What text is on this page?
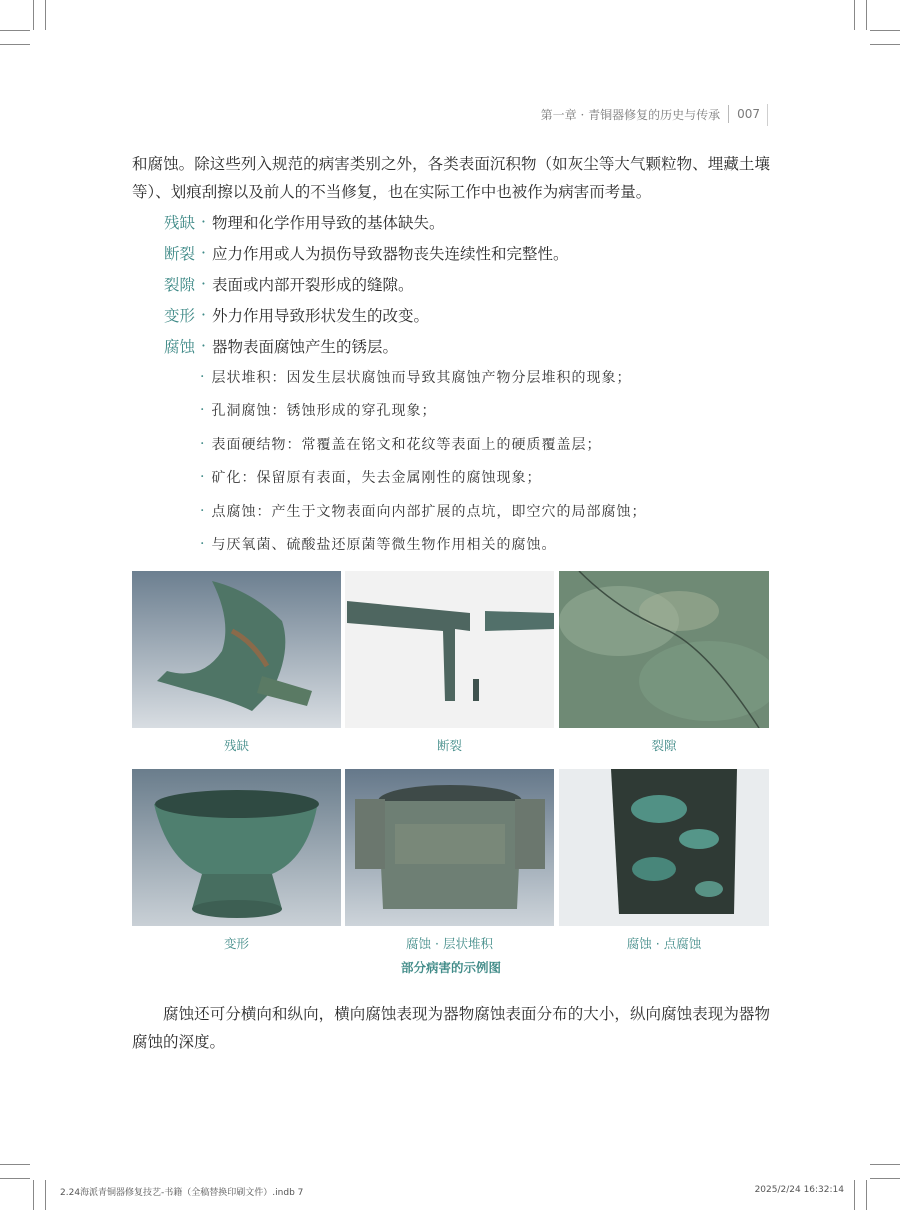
第一章 · 青铜器修复的历史与传承 007

和腐蚀。除这些列入规范的病害类别之外，各类表面沉积物（如灰尘等大气颗粒物、埋藏土壤等）、划痕刮擦以及前人的不当修复，也在实际工作中也被作为病害而考量。

残缺 · 物理和化学作用导致的基体缺失。
断裂 · 应力作用或人为损伤导致器物丧失连续性和完整性。
裂隙 · 表面或内部开裂形成的缝隙。
变形 · 外力作用导致形状发生的改变。
腐蚀 · 器物表面腐蚀产生的锈层。
· 层状堆积：因发生层状腐蚀而导致其腐蚀产物分层堆积的现象；
· 孔洞腐蚀：锈蚀形成的穿孔现象；
· 表面硬结物：常覆盖在铭文和花纹等表面上的硬质覆盖层；
· 矿化：保留原有表面，失去金属刚性的腐蚀现象；
· 点腐蚀：产生于文物表面向内部扩展的点坑，即空穴的局部腐蚀；
· 与厌氧菌、硫酸盐还原菌等微生物作用相关的腐蚀。
残缺	断裂	裂隙
变形	腐蚀 · 层状堆积	腐蚀 · 点腐蚀
部分病害的示例图

腐蚀还可分横向和纵向，横向腐蚀表现为器物腐蚀表面分布的大小，纵向腐蚀表现为器物腐蚀的深度。

2.24海派青铜器修复技艺-书籍（全稿替换印刷文件）.indb 7	2025/2/24 16:32:14
